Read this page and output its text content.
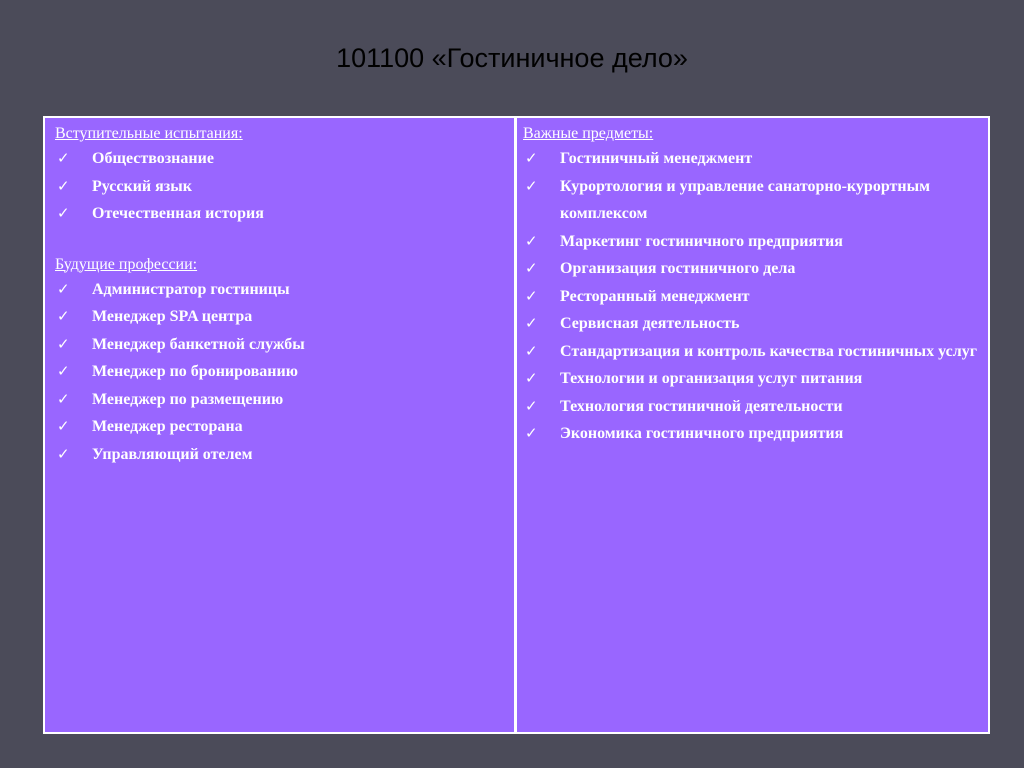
101100 «Гостиничное дело»
Вступительные испытания:
✓	Обществознание
✓	Русский язык
✓	Отечественная история
Будущие профессии:
✓	Администратор гостиницы
✓	Менеджер SPA центра
✓	Менеджер банкетной службы
✓	Менеджер по бронированию
✓	Менеджер по размещению
✓	Менеджер ресторана
✓	Управляющий отелем
Важные предметы:
✓	Гостиничный менеджмент
✓	Курортология и управление санаторно-курортным комплексом
✓	Маркетинг гостиничного предприятия
✓	Организация гостиничного дела
✓	Ресторанный менеджмент
✓	Сервисная деятельность
✓	Стандартизация и контроль качества гостиничных услуг
✓	Технологии и организация услуг питания
✓	Технология гостиничной деятельности
✓	Экономика гостиничного предприятия
